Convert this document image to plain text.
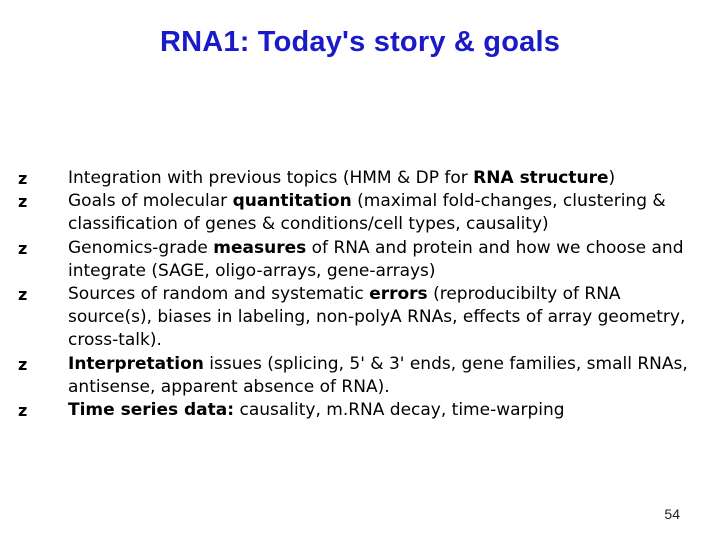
RNA1: Today's story & goals
z Integration with previous topics (HMM & DP for RNA structure)
z Goals of molecular quantitation (maximal fold-changes, clustering & classification of genes & conditions/cell types, causality)
z Genomics-grade measures of RNA and protein and how we choose and integrate (SAGE, oligo-arrays, gene-arrays)
z Sources of random and systematic errors (reproducibilty of RNA source(s), biases in labeling, non-polyA RNAs, effects of array geometry, cross-talk).
z Interpretation issues (splicing, 5' & 3' ends, gene families, small RNAs, antisense, apparent absence of RNA).
z Time series data: causality, m.RNA decay, time-warping
54
